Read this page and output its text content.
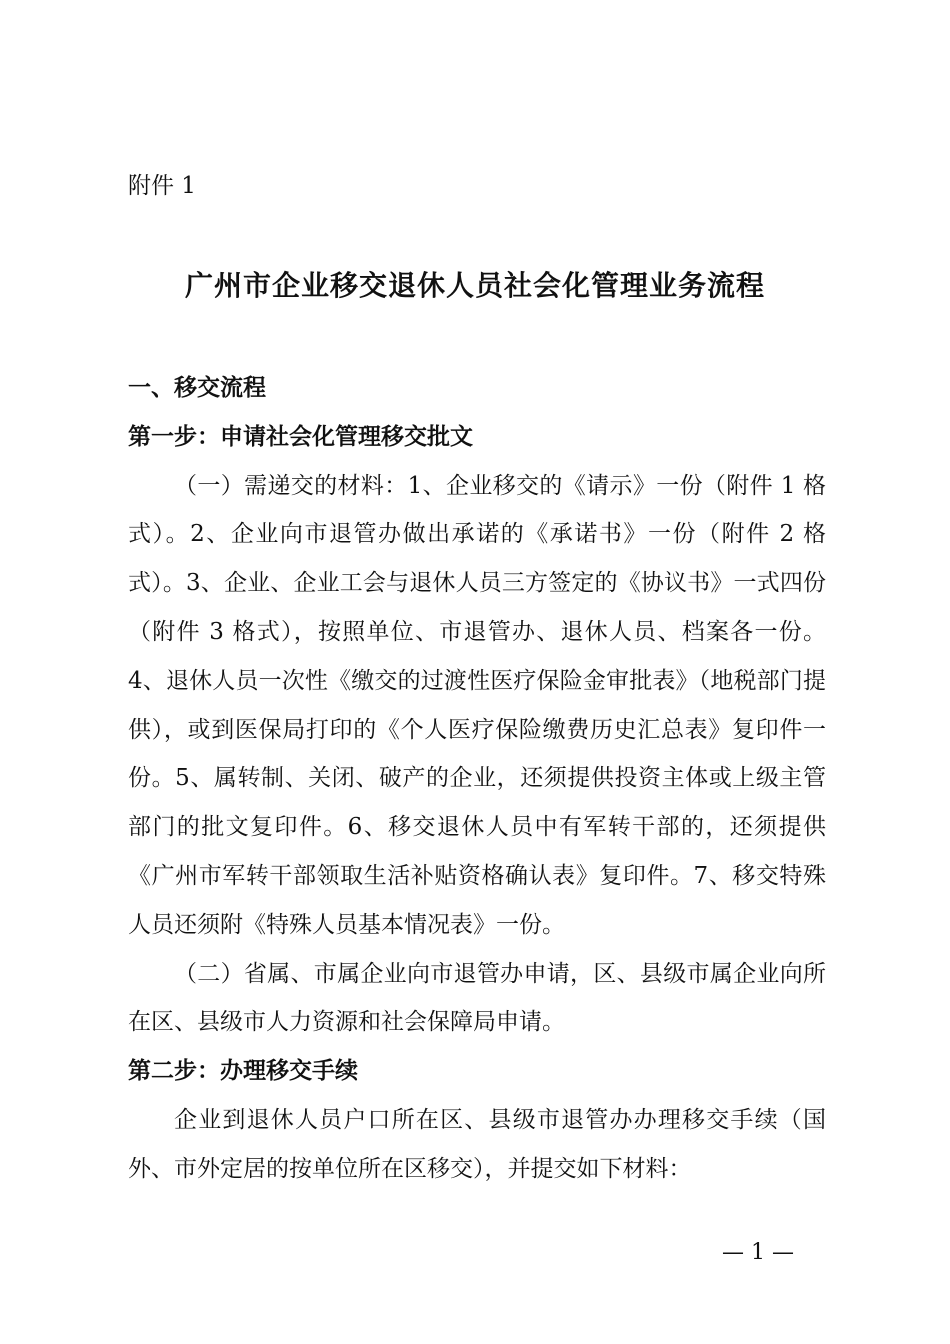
附件 1
广州市企业移交退休人员社会化管理业务流程

一、移交流程

第一步：申请社会化管理移交批文

（一）需递交的材料：1、企业移交的《请示》一份（附件 1 格式）。2、企业向市退管办做出承诺的《承诺书》一份（附件 2 格式）。3、企业、企业工会与退休人员三方签定的《协议书》一式四份（附件 3 格式），按照单位、市退管办、退休人员、档案各一份。4、退休人员一次性《缴交的过渡性医疗保险金审批表》（地税部门提供），或到医保局打印的《个人医疗保险缴费历史汇总表》复印件一份。5、属转制、关闭、破产的企业，还须提供投资主体或上级主管部门的批文复印件。6、移交退休人员中有军转干部的，还须提供《广州市军转干部领取生活补贴资格确认表》复印件。7、移交特殊人员还须附《特殊人员基本情况表》一份。

（二）省属、市属企业向市退管办申请，区、县级市属企业向所在区、县级市人力资源和社会保障局申请。

第二步：办理移交手续

企业到退休人员户口所在区、县级市退管办办理移交手续（国外、市外定居的按单位所在区移交），并提交如下材料：

— 1 —
